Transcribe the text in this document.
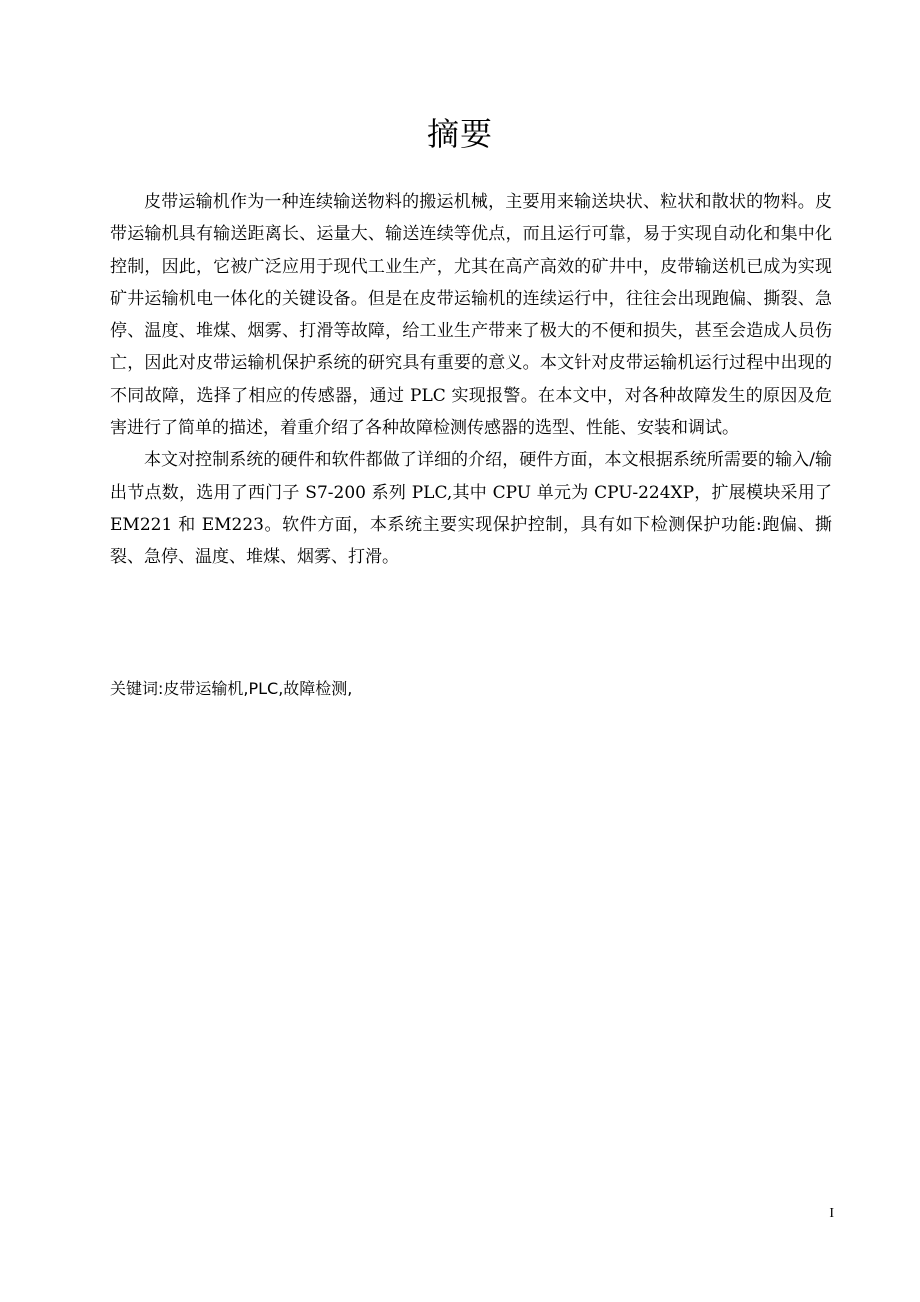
摘要

皮带运输机作为一种连续输送物料的搬运机械，主要用来输送块状、粒状和散状的物料。皮带运输机具有输送距离长、运量大、输送连续等优点，而且运行可靠，易于实现自动化和集中化控制，因此，它被广泛应用于现代工业生产，尤其在高产高效的矿井中，皮带输送机已成为实现矿井运输机电一体化的关键设备。但是在皮带运输机的连续运行中，往往会出现跑偏、撕裂、急停、温度、堆煤、烟雾、打滑等故障，给工业生产带来了极大的不便和损失，甚至会造成人员伤亡，因此对皮带运输机保护系统的研究具有重要的意义。本文针对皮带运输机运行过程中出现的不同故障，选择了相应的传感器，通过 PLC 实现报警。在本文中，对各种故障发生的原因及危害进行了简单的描述，着重介绍了各种故障检测传感器的选型、性能、安装和调试。

本文对控制系统的硬件和软件都做了详细的介绍，硬件方面，本文根据系统所需要的输入/输出节点数，选用了西门子 S7-200 系列 PLC,其中 CPU 单元为 CPU-224XP，扩展模块采用了 EM221 和 EM223。软件方面，本系统主要实现保护控制，具有如下检测保护功能:跑偏、撕裂、急停、温度、堆煤、烟雾、打滑。

关键词:皮带运输机,PLC,故障检测,
I
